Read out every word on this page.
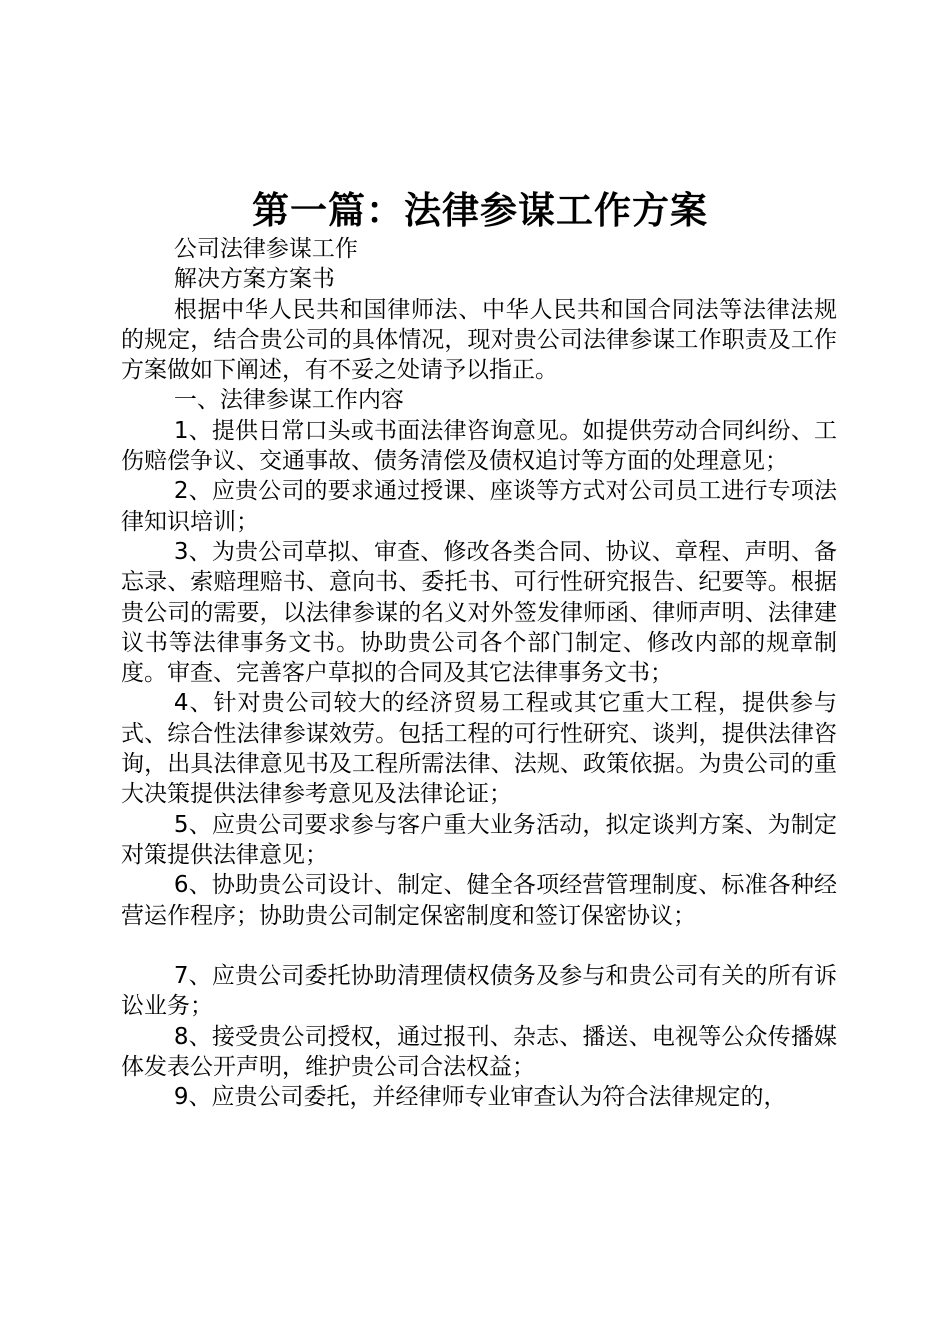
第一篇：法律参谋工作方案

公司法律参谋工作

解决方案方案书

根据中华人民共和国律师法、中华人民共和国合同法等法律法规的规定，结合贵公司的具体情况，现对贵公司法律参谋工作职责及工作方案做如下阐述，有不妥之处请予以指正。

一、法律参谋工作内容

1、提供日常口头或书面法律咨询意见。如提供劳动合同纠纷、工伤赔偿争议、交通事故、债务清偿及债权追讨等方面的处理意见；

2、应贵公司的要求通过授课、座谈等方式对公司员工进行专项法律知识培训；

3、为贵公司草拟、审查、修改各类合同、协议、章程、声明、备忘录、索赔理赔书、意向书、委托书、可行性研究报告、纪要等。根据贵公司的需要，以法律参谋的名义对外签发律师函、律师声明、法律建议书等法律事务文书。协助贵公司各个部门制定、修改内部的规章制度。审查、完善客户草拟的合同及其它法律事务文书；

4、针对贵公司较大的经济贸易工程或其它重大工程，提供参与式、综合性法律参谋效劳。包括工程的可行性研究、谈判，提供法律咨询，出具法律意见书及工程所需法律、法规、政策依据。为贵公司的重大决策提供法律参考意见及法律论证；

5、应贵公司要求参与客户重大业务活动，拟定谈判方案、为制定对策提供法律意见；

6、协助贵公司设计、制定、健全各项经营管理制度、标准各种经营运作程序；协助贵公司制定保密制度和签订保密协议；

7、应贵公司委托协助清理债权债务及参与和贵公司有关的所有诉讼业务；

8、接受贵公司授权，通过报刊、杂志、播送、电视等公众传播媒体发表公开声明，维护贵公司合法权益；

9、应贵公司委托，并经律师专业审查认为符合法律规定的，
